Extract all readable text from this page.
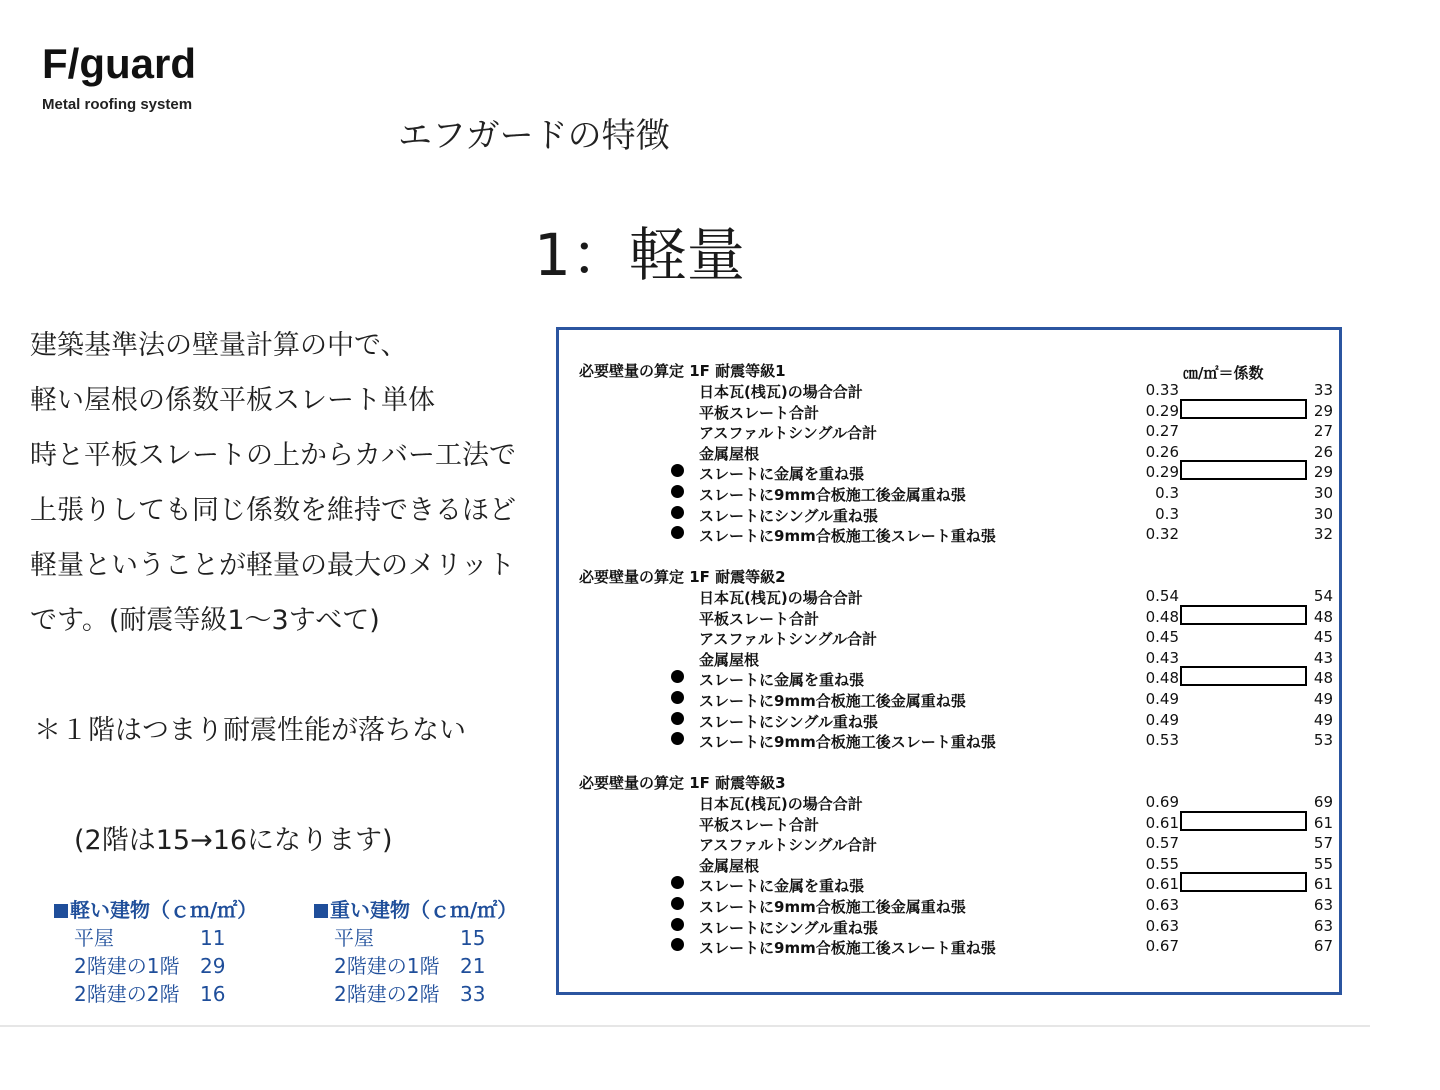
F/guard
Metal roofing system
エフガードの特徴
1：軽量
建築基準法の壁量計算の中で、
軽い屋根の係数平板スレート単体
時と平板スレートの上からカバー工法で
上張りしても同じ係数を維持できるほど
軽量ということが軽量の最大のメリット
です。(耐震等級1～3すべて)
＊１階はつまり耐震性能が落ちない
(2階は15→16になります)
軽い建物（ｃｍ/㎡）
平屋	11
2階建の1階 29
2階建の2階 16
重い建物（ｃｍ/㎡）
平屋	15
2階建の1階 21
2階建の2階 33
㎝/㎡＝係数
必要壁量の算定 1F 耐震等級1
日本瓦(桟瓦)の場合合計	0.33	33
平板スレート合計	0.29	29
アスファルトシングル合計	0.27	27
金属屋根	0.26	26
スレートに金属を重ね張	0.29	29
スレートに9mm合板施工後金属重ね張	0.3	30
スレートにシングル重ね張	0.3	30
スレートに9mm合板施工後スレート重ね張	0.32	32
必要壁量の算定 1F 耐震等級2
日本瓦(桟瓦)の場合合計	0.54	54
平板スレート合計	0.48	48
アスファルトシングル合計	0.45	45
金属屋根	0.43	43
スレートに金属を重ね張	0.48	48
スレートに9mm合板施工後金属重ね張	0.49	49
スレートにシングル重ね張	0.49	49
スレートに9mm合板施工後スレート重ね張	0.53	53
必要壁量の算定 1F 耐震等級3
日本瓦(桟瓦)の場合合計	0.69	69
平板スレート合計	0.61	61
アスファルトシングル合計	0.57	57
金属屋根	0.55	55
スレートに金属を重ね張	0.61	61
スレートに9mm合板施工後金属重ね張	0.63	63
スレートにシングル重ね張	0.63	63
スレートに9mm合板施工後スレート重ね張	0.67	67
